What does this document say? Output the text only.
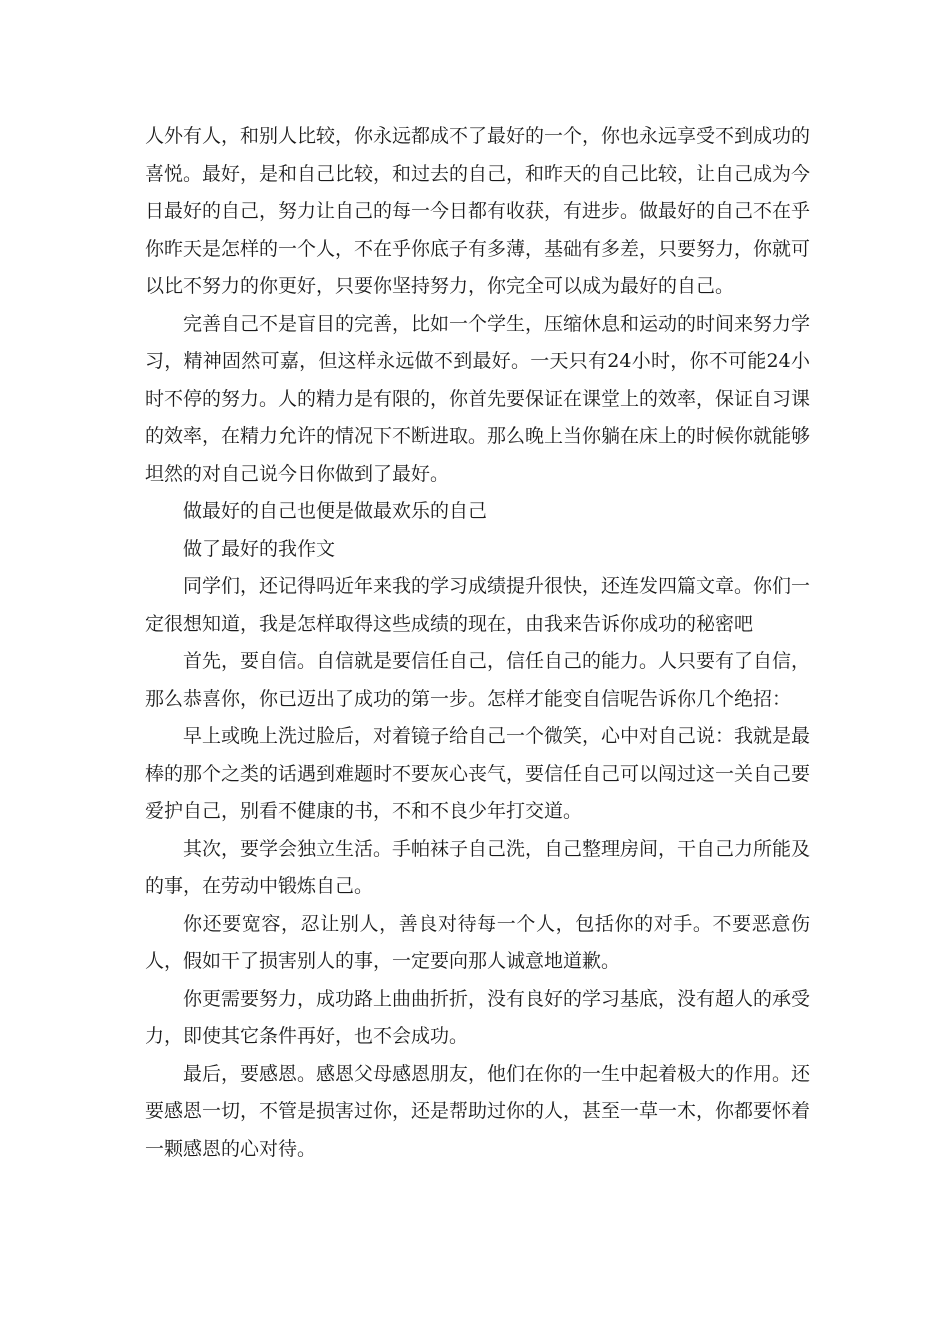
人外有人，和别人比较，你永远都成不了最好的一个，你也永远享受不到成功的喜悦。最好，是和自己比较，和过去的自己，和昨天的自己比较，让自己成为今日最好的自己，努力让自己的每一今日都有收获，有进步。做最好的自己不在乎你昨天是怎样的一个人，不在乎你底子有多薄，基础有多差，只要努力，你就可以比不努力的你更好，只要你坚持努力，你完全可以成为最好的自己。

完善自己不是盲目的完善，比如一个学生，压缩休息和运动的时间来努力学习，精神固然可嘉，但这样永远做不到最好。一天只有24小时，你不可能24小时不停的努力。人的精力是有限的，你首先要保证在课堂上的效率，保证自习课的效率，在精力允许的情况下不断进取。那么晚上当你躺在床上的时候你就能够坦然的对自己说今日你做到了最好。

做最好的自己也便是做最欢乐的自己

做了最好的我作文

同学们，还记得吗近年来我的学习成绩提升很快，还连发四篇文章。你们一定很想知道，我是怎样取得这些成绩的现在，由我来告诉你成功的秘密吧

首先，要自信。自信就是要信任自己，信任自己的能力。人只要有了自信，那么恭喜你，你已迈出了成功的第一步。怎样才能变自信呢告诉你几个绝招：

早上或晚上洗过脸后，对着镜子给自己一个微笑，心中对自己说：我就是最棒的那个之类的话遇到难题时不要灰心丧气，要信任自己可以闯过这一关自己要爱护自己，别看不健康的书，不和不良少年打交道。

其次，要学会独立生活。手帕袜子自己洗，自己整理房间，干自己力所能及的事，在劳动中锻炼自己。

你还要宽容，忍让别人，善良对待每一个人，包括你的对手。不要恶意伤人，假如干了损害别人的事，一定要向那人诚意地道歉。

你更需要努力，成功路上曲曲折折，没有良好的学习基底，没有超人的承受力，即使其它条件再好，也不会成功。

最后，要感恩。感恩父母感恩朋友，他们在你的一生中起着极大的作用。还要感恩一切，不管是损害过你，还是帮助过你的人，甚至一草一木，你都要怀着一颗感恩的心对待。
